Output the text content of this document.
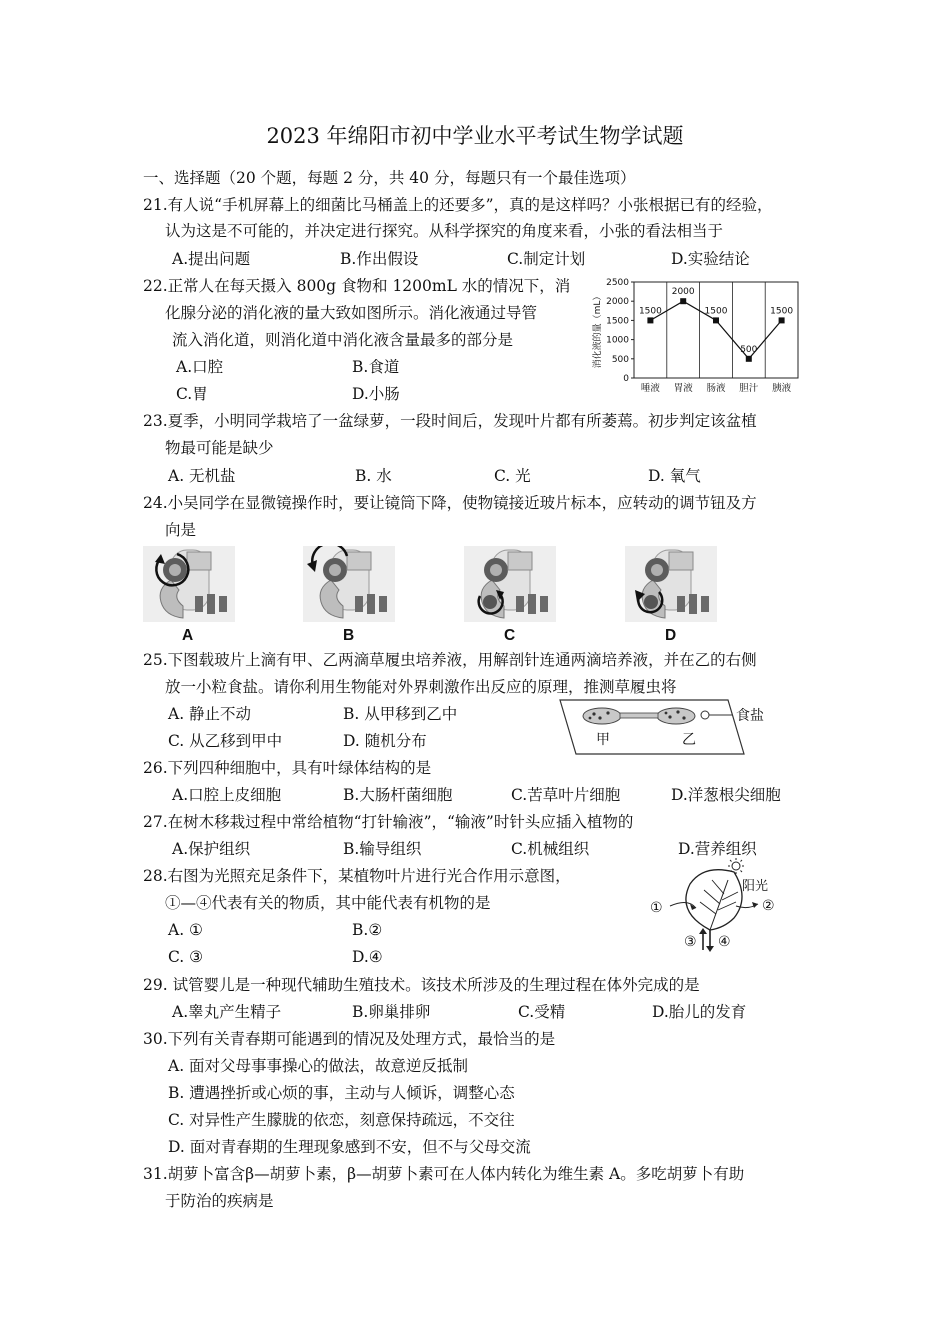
2023 年绵阳市初中学业水平考试生物学试题
一、选择题（20 个题，每题 2 分，共 40 分，每题只有一个最佳选项）
21.有人说“手机屏幕上的细菌比马桶盖上的还要多”，真的是这样吗？小张根据已有的经验，
认为这是不可能的，并决定进行探究。从科学探究的角度来看，小张的看法相当于
A.提出问题	B.作出假设	C.制定计划	D.实验结论
22.正常人在每天摄入 800g 食物和 1200mL 水的情况下，消
化腺分泌的消化液的量大致如图所示。消化液通过导管
流入消化道，则消化道中消化液含量最多的部分是
A.口腔	B.食道
C.胃	D.小肠
0
500
1000
1500
2000
2500
消化液的量（mL）
唾液 胃液 肠液 胆汁 胰液
1500
2000
1500
500
1500
23.夏季，小明同学栽培了一盆绿萝，一段时间后，发现叶片都有所萎蔫。初步判定该盆植
物最可能是缺少
A. 无机盐	B. 水	C. 光	D. 氧气
24.小吴同学在显微镜操作时，要让镜筒下降，使物镜接近玻片标本，应转动的调节钮及方
向是
A	B	C	D
25.下图载玻片上滴有甲、乙两滴草履虫培养液，用解剖针连通两滴培养液，并在乙的右侧
放一小粒食盐。请你利用生物能对外界刺激作出反应的原理，推测草履虫将
A. 静止不动	B. 从甲移到乙中
C. 从乙移到甲中	D. 随机分布
食盐
甲	乙
26.下列四种细胞中，具有叶绿体结构的是
A.口腔上皮细胞	B.大肠杆菌细胞	C.苦草叶片细胞	D.洋葱根尖细胞
27.在树木移栽过程中常给植物“打针输液”，“输液”时针头应插入植物的
A.保护组织	B.输导组织	C.机械组织	D.营养组织
28.右图为光照充足条件下，某植物叶片进行光合作用示意图，
①—④代表有关的物质，其中能代表有机物的是
A. ①	B.②
C. ③	D.④
阳光
①	②
③ ④
29. 试管婴儿是一种现代辅助生殖技术。该技术所涉及的生理过程在体外完成的是
A.睾丸产生精子	B.卵巢排卵	C.受精	D.胎儿的发育
30.下列有关青春期可能遇到的情况及处理方式，最恰当的是
A. 面对父母事事操心的做法，故意逆反抵制
B. 遭遇挫折或心烦的事，主动与人倾诉，调整心态
C. 对异性产生朦胧的依恋，刻意保持疏远，不交往
D. 面对青春期的生理现象感到不安，但不与父母交流
31.胡萝卜富含β—胡萝卜素，β—胡萝卜素可在人体内转化为维生素 A。多吃胡萝卜有助
于防治的疾病是
